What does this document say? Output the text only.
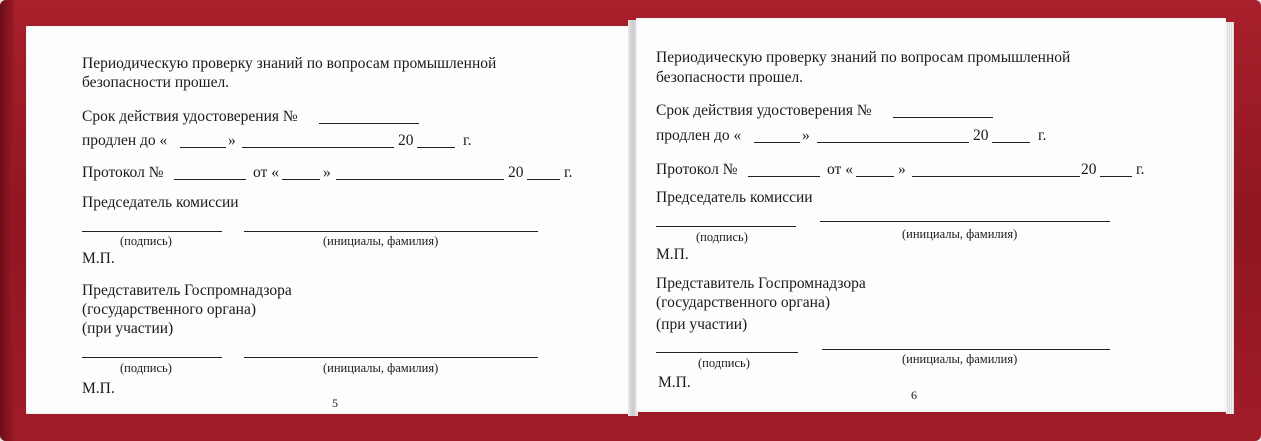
Периодическую проверку знаний по вопросам промышленной
безопасности прошел.
Срок действия удостоверения №
продлен до «	»	20	г.
Протокол №	от «	»	20	г.
Председатель комиссии
(подпись)	(инициалы, фамилия)
М.П.
Представитель Госпромнадзора
(государственного органа)
(при участии)
(подпись)	(инициалы, фамилия)
М.П.
5
Периодическую проверку знаний по вопросам промышленной
безопасности прошел.
Срок действия удостоверения №
продлен до «	»	20	г.
Протокол №	от «	»	20	г.
Председатель комиссии
(подпись)	(инициалы, фамилия)
М.П.
Представитель Госпромнадзора
(государственного органа)
(при участии)
(подпись)	(инициалы, фамилия)
М.П.
6
